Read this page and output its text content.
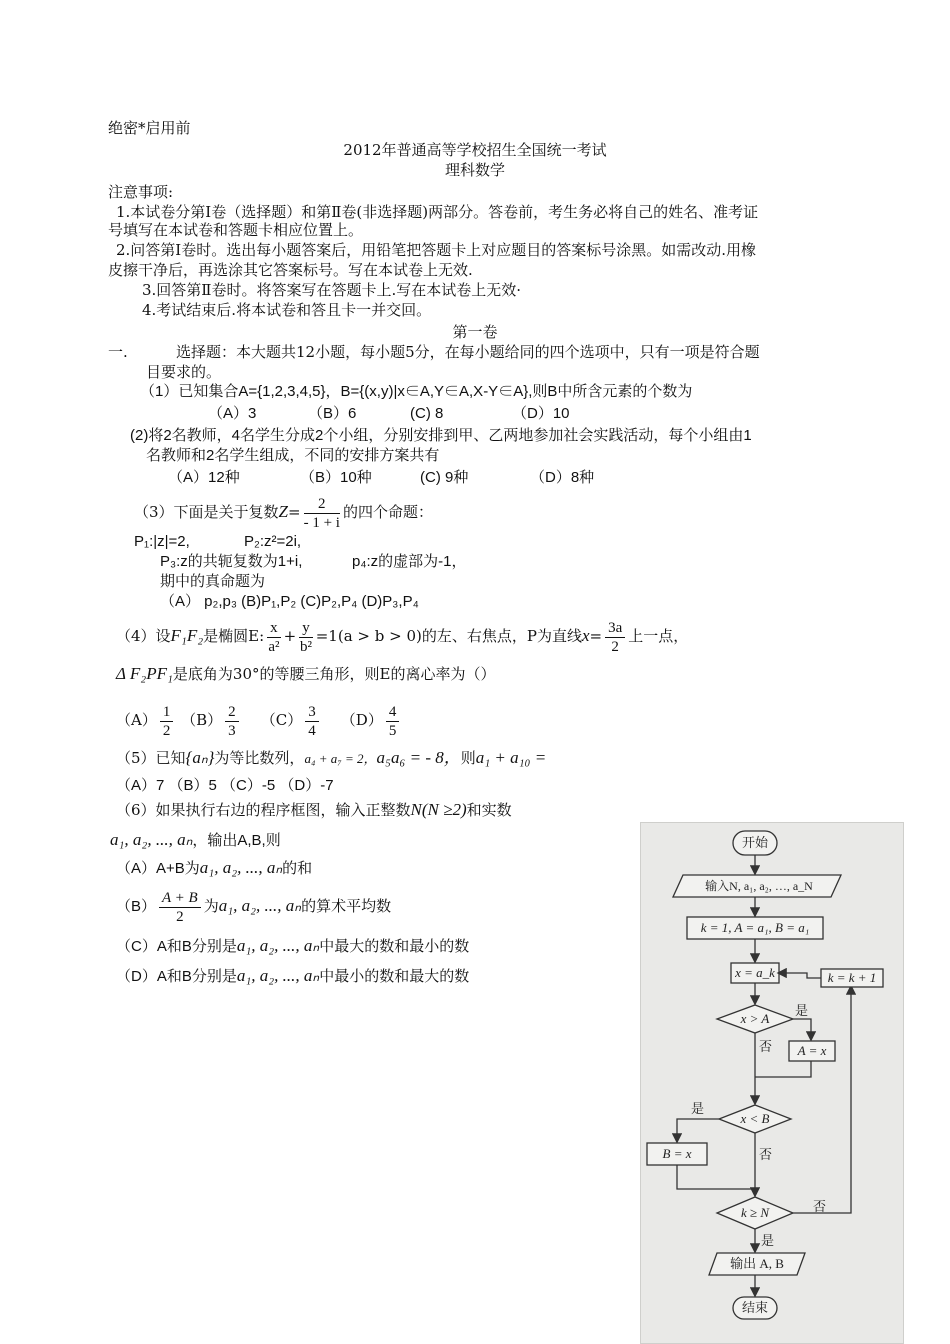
绝密*启用前
2012年普通高等学校招生全国统一考试
理科数学
注意事项:
1.本试卷分第Ⅰ卷（选择题）和第Ⅱ卷(非选择题)两部分。答卷前，考生务必将自己的姓名、准考证
号填写在本试卷和答题卡相应位置上。
2.问答第Ⅰ卷时。选出每小题答案后，用铅笔把答题卡上对应题目的答案标号涂黑。如需改动.用橡
皮擦干净后，再选涂其它答案标号。写在本试卷上无效.
3.回答第Ⅱ卷时。将答案写在答题卡上.写在本试卷上无效·
4.考试结束后.将本试卷和答且卡一并交回。
第一卷
一.	选择题：本大题共12小题，每小题5分，在每小题给同的四个选项中，只有一项是符合题
目要求的。
（1）已知集合A={1,2,3,4,5}，B={(x,y)|x∈A,Y∈A,X-Y∈A},则B中所含元素的个数为
（A）3	（B）6	(C) 8	（D）10
(2)将2名教师，4名学生分成2个小组，分别安排到甲、乙两地参加社会实践活动，每个小组由1
名教师和2名学生组成，不同的安排方案共有
（A）12种	（B）10种	(C) 9种	（D）8种
（3）下面是关于复数$Z= \frac{2}{- 1 + i}$ 的四个命题：
P₁:|z|=2,	P₂:z²=2i,
P₃:z的共轭复数为1+i,	p₄:z的虚部为-1，
期中的真命题为
（A） p₂,p₃ (B)P₁,P₂ (C)P₂,P₄ (D)P₃,P₄
（4）设F₁F₂是椭圆E: $\frac{x}{\text{a²}} + \frac{y}{\text{b²}} =1(a > b > 0)$的左、右焦点，P为直线$x= \frac{3a}{2}$ 上一点，
Δ F₂PF₁是底角为30°的等腰三角形，则E的离心率为（）
$(A) \frac{1}{2} (B) \frac{2}{3} (C) \frac{3}{4} (D) \frac{4}{5}$
（5）已知{aₙ}为等比数列，a₄ + a₇ = 2，a₅a₆ = - 8，则a₁ + a₁₀ =
（A）7 （B）5 （C）-5 （D）-7
（6）如果执行右边的程序框图，输入正整数N(N ≥2)和实数
a₁, a₂, ..., aₙ，输出A,B,则
（A）A+B为a₁, a₂, ..., aₙ的和
$(B) \frac{A + B}{2}$ 为a₁, a₂, ..., aₙ的算术平均数
（C）A和B分别是a₁, a₂, ..., aₙ中最大的数和最小的数
（D）A和B分别是a₁, a₂, ..., aₙ中最小的数和最大的数
开始
输入N, a₁, a₂, …, a_N
k = 1, A = a₁, B = a₁
x = a_k	k = k + 1
x > A
是
否	A = x
x < B
是
否
B = x
k ≥ N	否
是
输出 A, B
结束
